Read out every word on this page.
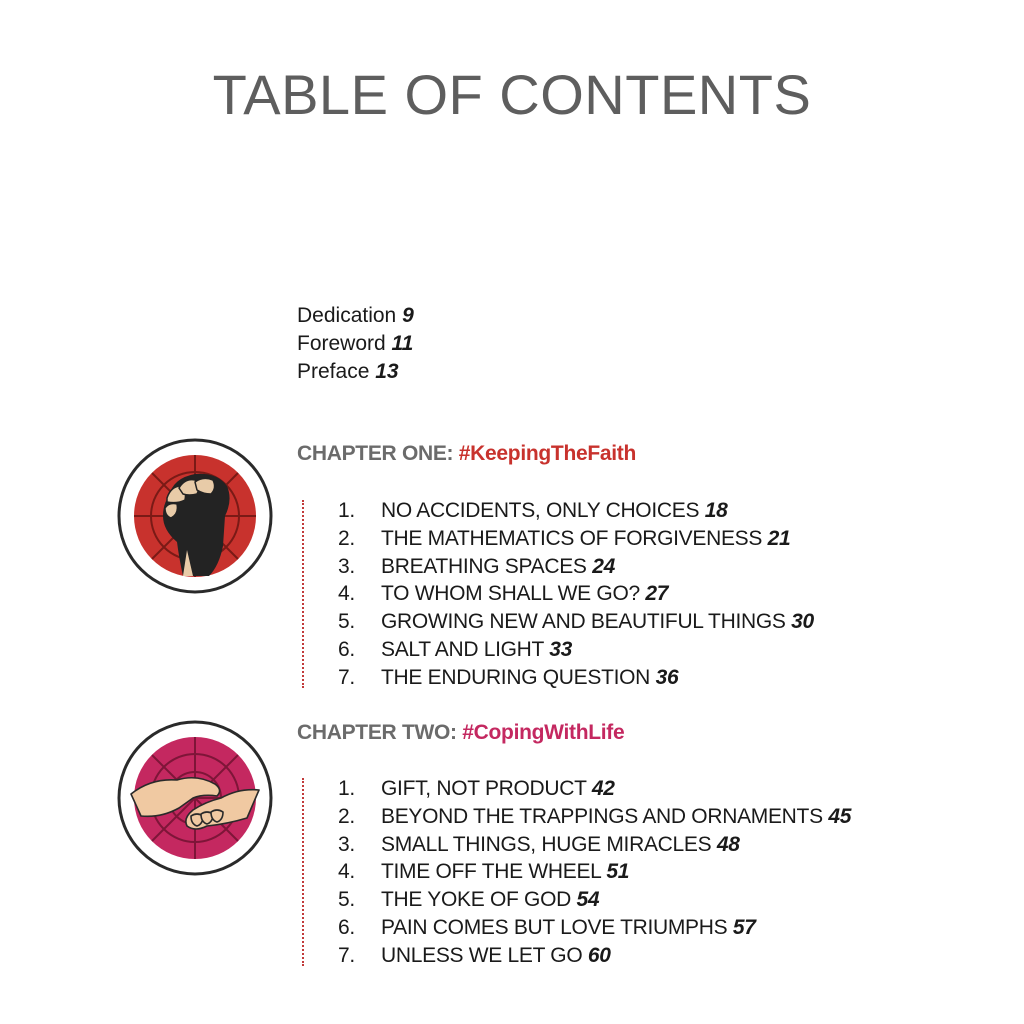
TABLE OF CONTENTS
Dedication 9
Foreword 11
Preface 13
CHAPTER ONE: #KeepingTheFaith
1. NO ACCIDENTS, ONLY CHOICES 18
2. THE MATHEMATICS OF FORGIVENESS 21
3. BREATHING SPACES 24
4. TO WHOM SHALL WE GO? 27
5. GROWING NEW AND BEAUTIFUL THINGS 30
6. SALT AND LIGHT 33
7. THE ENDURING QUESTION 36
CHAPTER TWO: #CopingWithLife
1. GIFT, NOT PRODUCT 42
2. BEYOND THE TRAPPINGS AND ORNAMENTS 45
3. SMALL THINGS, HUGE MIRACLES 48
4. TIME OFF THE WHEEL 51
5. THE YOKE OF GOD 54
6. PAIN COMES BUT LOVE TRIUMPHS 57
7. UNLESS WE LET GO 60
